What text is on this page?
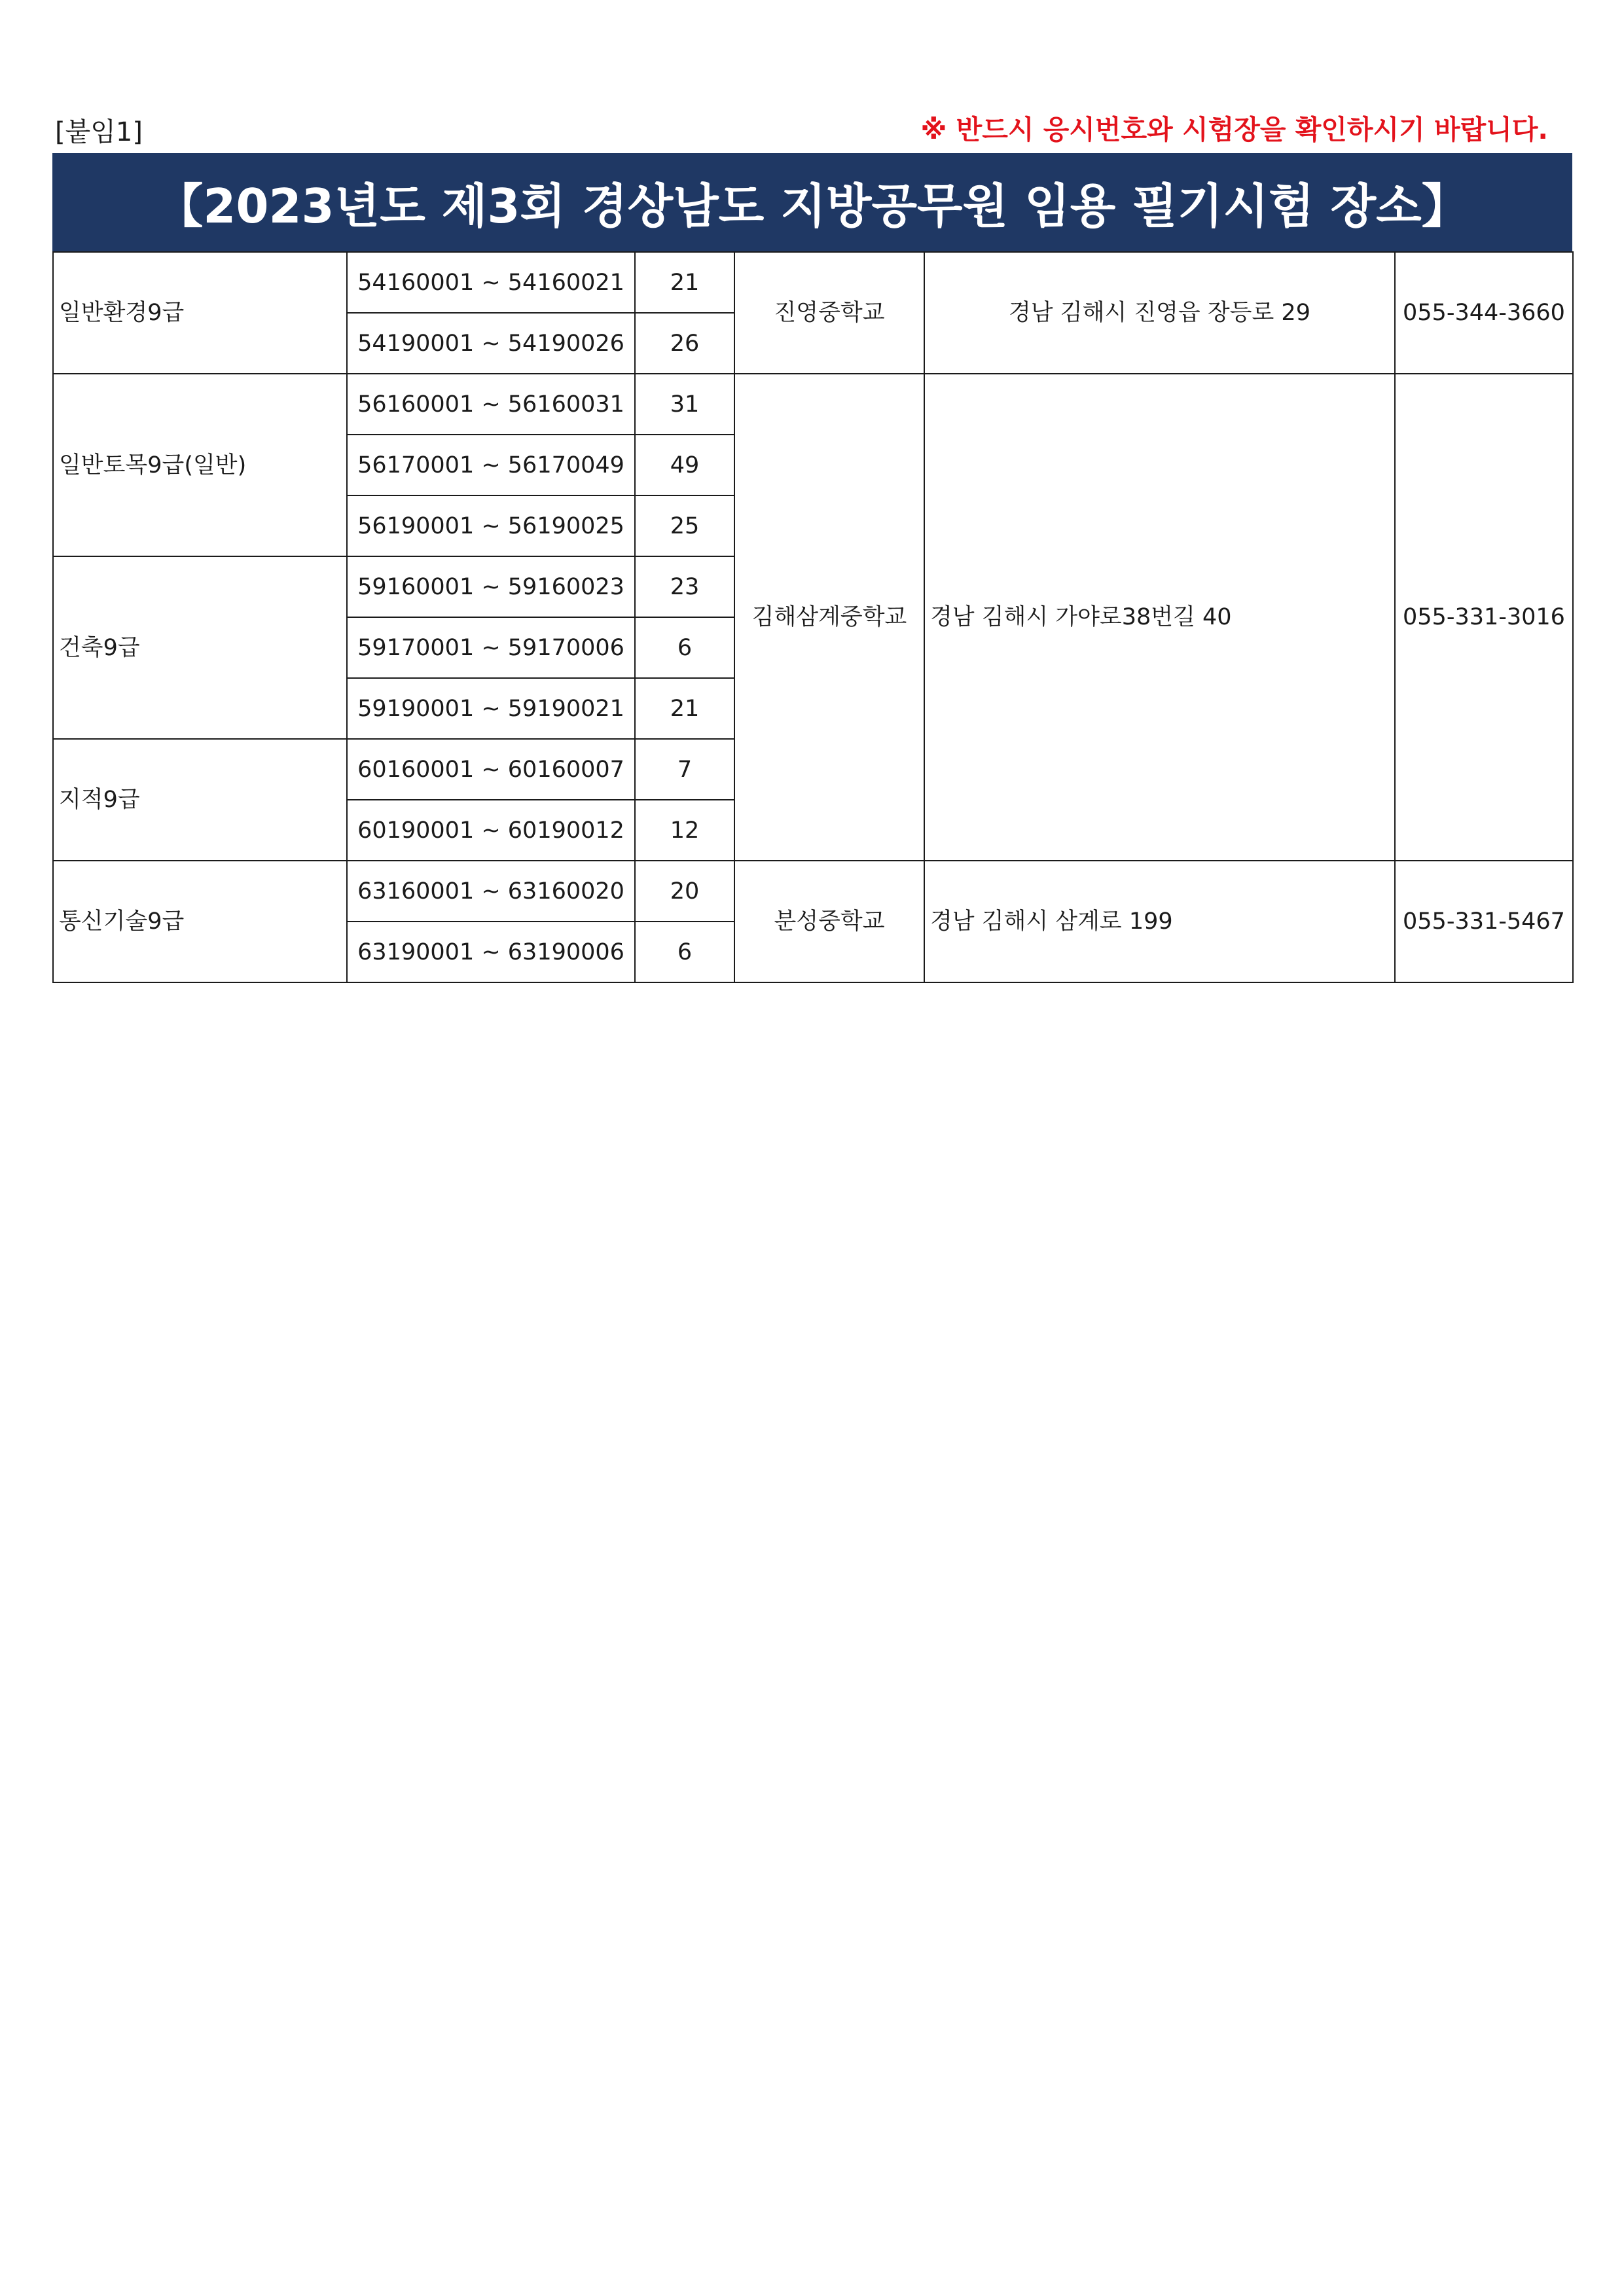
[붙임1]	※ 반드시 응시번호와 시험장을 확인하시기 바랍니다.
【2023년도 제3회 경상남도 지방공무원 임용 필기시험 장소】
일반환경9급	54160001 ~ 54160021	21	진영중학교	경남 김해시 진영읍 장등로 29	055-344-3660
	54190001 ~ 54190026	26			
일반토목9급(일반)	56160001 ~ 56160031	31	김해삼계중학교	경남 김해시 가야로38번길 40	055-331-3016
	56170001 ~ 56170049	49			
	56190001 ~ 56190025	25			
건축9급	59160001 ~ 59160023	23			
	59170001 ~ 59170006	6			
	59190001 ~ 59190021	21			
지적9급	60160001 ~ 60160007	7			
	60190001 ~ 60190012	12			
통신기술9급	63160001 ~ 63160020	20	분성중학교	경남 김해시 삼계로 199	055-331-5467
	63190001 ~ 63190006	6			
